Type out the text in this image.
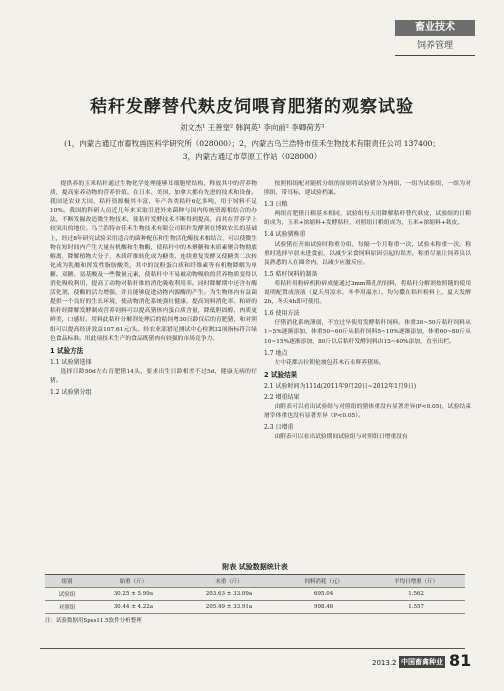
畜业技术
饲养管理
秸秆发酵替代麸皮饲喂育肥猪的观察试验
刘文杰¹ 王善堂² 韩润英¹ 李向前² 李卿荷芳³
(1，内蒙古通辽市畜牧兽医科学研究所（028000）；2，内蒙古乌兰浩特市佳禾生物技术有限责任公司 137400；
3，内蒙古通辽市草原工作站（028000）

提供养的玉米秸秆通过生物化学处理能够耳细胞壁结构，释放其中的营养物质，提高家养动物的营养价值。在日本、美国、加拿大都有先进的技术和设备。我国是农业大国，秸秆资源极其丰富，年产各类秸秆6亿多吨，用于饲料不足10%。我国的科研人员近几年来采取引进外来菌种与国内传统资源相结合的办法，不断发掘改造微生物技术，使秸秆发酵技术不断得到提高，而其在营养学上较突出的地位。乌兰浩特市佳禾生物技术有限公司秸秆发酵剂在博欧农长的基础上，经过8年研究试验采用适合的菌种配伍和生物活化酶技术相结合，可以使微生物在短时间内产生大量有机酸和生物酶，使秸秆中的木聚糖和木质素聚合物彻底解离，降解植物大分子，木质纤维转化成为糖类，连续重复发酵又使糖类二次转化成为乳酸和挥发性脂肪酸类，其中的淀粉蛋白质和纤维素等有机物降解为单糖、双糖、氨基酸及一些微量元素，使秸秆中不易被动物吸收的营养物质变得以消化吸收利用，提高了动物对秸秆维的消化吸收利用率。同时降解期中还含有酶活化剂，使酶的活力增强，并且能够促进动物内源酶的产生。为生物体内有益菌提供一个良好的生长环境，使动物消化系统强壮健康，提高饲料消化率。粕碎的秸秆经降解发酵制成营养饲料可以提高猪体内蛋白质含量，降低胆固醇，肉质更鲜美，口感好。用料此秸秆分解剂处理后的秸饲粤30日龄仅后的育肥猪，和对照组可以提高经济效益107.61元/头。经农业部猎尼测试中心检测32项指标符合绿色食品标准。用此项技术生产的食品既猪肉有较强的市场竞争力。

1 试验方法
1.1 试验猪选择

选择日龄50d左右育肥猪14头，要求出生日龄相差不过5d，健康无病的仔猪。

1.2 试验猪分组

按照相组配对随机分组的原则将试验猪分为两组，一组为试验组，一组为对照组，带耳标，建试验档案。

1.3 日粮

两组育肥猪日粮基本相同，试验组每天用降解秸秆替代麸皮，试验组的日粮组成为，玉米+浓缩料+发酵秸秆，对照组日粮组成为，玉米+浓缩料+麸皮。

1.4 试验猪称重

试验猪在开始试验时称重分组，每隔一个月称重一次，试验末称重一次。称重时选择早晨未进食前，以减少采食饲料原因引起的误差。称重尽量让饲养员以及熟悉的人在圈舍内，以减少应激反应。

1.5 秸秆饲料的制备

将秸秆用粉碎机粉碎成能通过3mm筛孔的饲料，将秸秆分解剂按照随的使用说明配置成溶液（夏天用凉水，冬季用温水），均匀撒在秸秆粉料上，夏天发酵2h，冬天4h即可使用。

1.6 使用方法

仔猪消化系统薄弱，不宜过早使用发酵秸秆饲料。体重30~50斤秸秆饲料从1~5%逐渐添加，体重50~60斤从秸秆饲料5~10%逐渐添加，体重60~80斤从10~15%逐渐添加，80斤以后秸秆发酵饲料由15~40%添加，直至出栏。

1.7 地点

左中花都吉拉朝伦坡包苏木石永辉养猪场。

2 试验结果
2.1 试验时间为111d(2011年9月20日~2012年1月9日)
2.2 增重结果

由附表可以看出试验组与对照组的猪体重没有显著差异(P<0.05)，试验结束屠宰体重也没有显著差异（P<0.05）。

2.3 日增重

由附表可以看出试验期间试验组与对照组日增重没有

附表 试验数据统计表
组别	始重（斤）	末重（斤）	饲料消耗（元）	平均日增重（斤）
试验组	30.25 ± 5.99a	203.63 ± 33.09a	695.04	1.562
对照组	30.44 ± 4.22a	205.49 ± 33.91a	998.46	1.557
注：试验数据用Spss11.5软件分析整理
2013.2 中国畜禽种业 81
